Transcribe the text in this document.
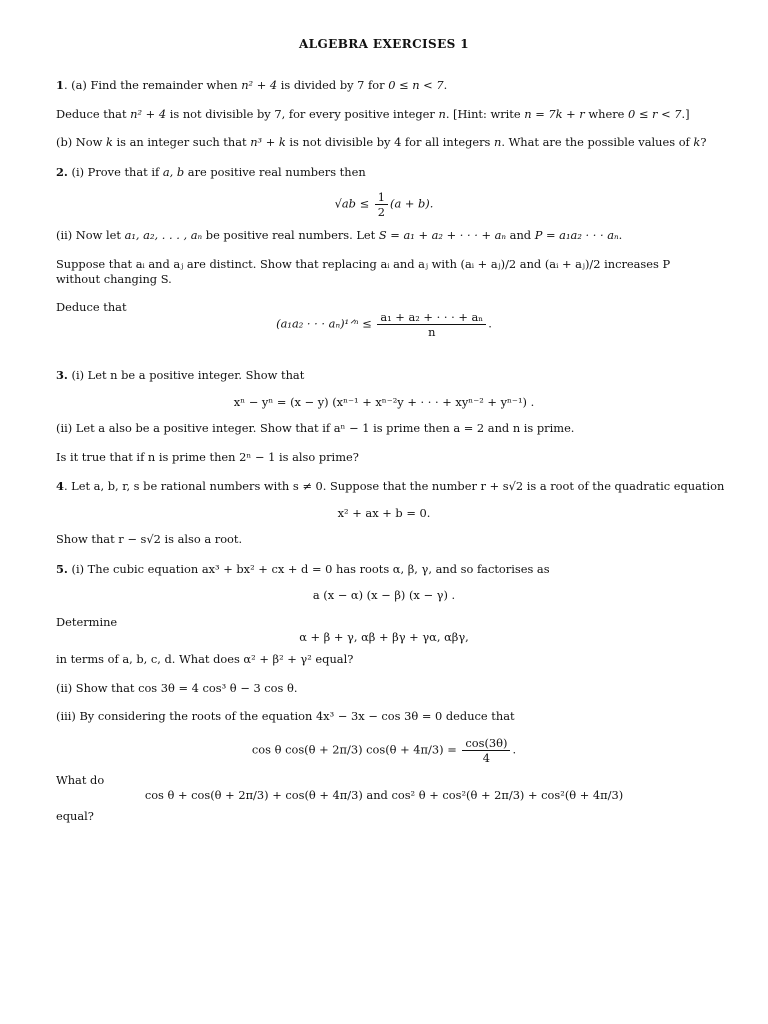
ALGEBRA EXERCISES 1
1. (a) Find the remainder when n² + 4 is divided by 7 for 0 ≤ n < 7.
Deduce that n² + 4 is not divisible by 7, for every positive integer n. [Hint: write n = 7k + r where 0 ≤ r < 7.]
(b) Now k is an integer such that n³ + k is not divisible by 4 for all integers n. What are the possible values of k?
2. (i) Prove that if a, b are positive real numbers then
$√ab \le \frac{1}{2} (a + b)$.
(ii) Now let a₁, a₂, . . . , aₙ be positive real numbers. Let S = a₁ + a₂ + · · · + aₙ and P = a₁a₂ · · · aₙ.
Suppose that aᵢ and aⱼ are distinct. Show that replacing aᵢ and aⱼ with (aᵢ + aⱼ)/2 and (aᵢ + aⱼ)/2 increases P
without changing S.
Deduce that
(a₁a₂ · · · aₙ)¹ᐟⁿ ≤ $\frac{\text{a₁ + a₂ + · · · + aₙ}}{n}$ .
3. (i) Let n be a positive integer. Show that
xⁿ − yⁿ = (x − y) (xⁿ⁻¹ + xⁿ⁻²y + · · · + xyⁿ⁻² + yⁿ⁻¹) .
(ii) Let a also be a positive integer. Show that if aⁿ − 1 is prime then a = 2 and n is prime.
Is it true that if n is prime then 2ⁿ − 1 is also prime?
4. Let a, b, r, s be rational numbers with s ≠ 0. Suppose that the number r + s√2 is a root of the quadratic equation
x² + ax + b = 0.
Show that r − s√2 is also a root.
5. (i) The cubic equation ax³ + bx² + cx + d = 0 has roots α, β, γ, and so factorises as
a (x − α) (x − β) (x − γ) .
Determine
α + β + γ, αβ + βγ + γα, αβγ,
in terms of a, b, c, d. What does α² + β² + γ² equal?
(ii) Show that cos 3θ = 4 cos³ θ − 3 cos θ.
(iii) By considering the roots of the equation 4x³ − 3x − cos 3θ = 0 deduce that
cos θ cos(θ + 2π/3) $\cos(\theta + 4\pi/3) = \frac{\cos(3\theta)}{4}$ .
What do
cos θ + cos(θ + 2π/3) + cos(θ + 4π/3) and cos² θ + cos²(θ + 2π/3) + cos²(θ + 4π/3)
equal?
